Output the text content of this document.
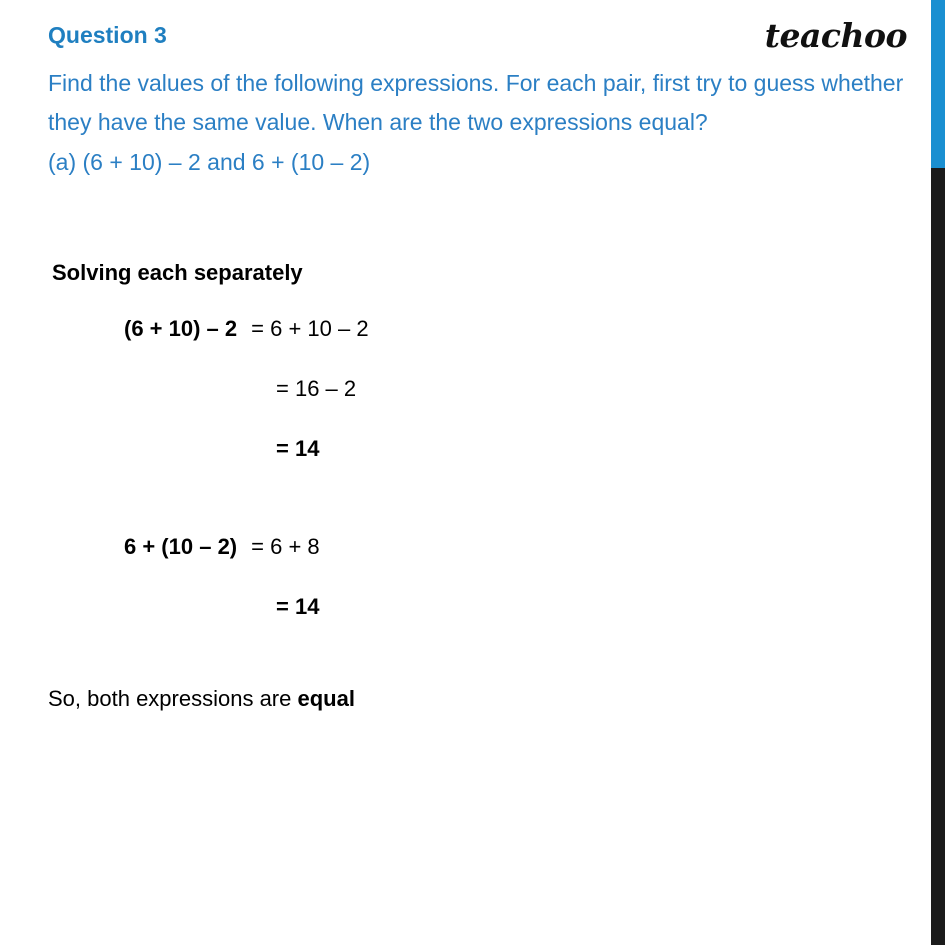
teachoo
Question 3
Find the values of the following expressions. For each pair, first try to guess whether they have the same value. When are the two expressions equal?
(a) (6 + 10) – 2 and 6 + (10 – 2)
Solving each separately
(6 + 10) – 2 = 6 + 10 – 2
= 16 – 2
= 14
6 + (10 – 2) = 6 + 8
= 14
So, both expressions are equal
